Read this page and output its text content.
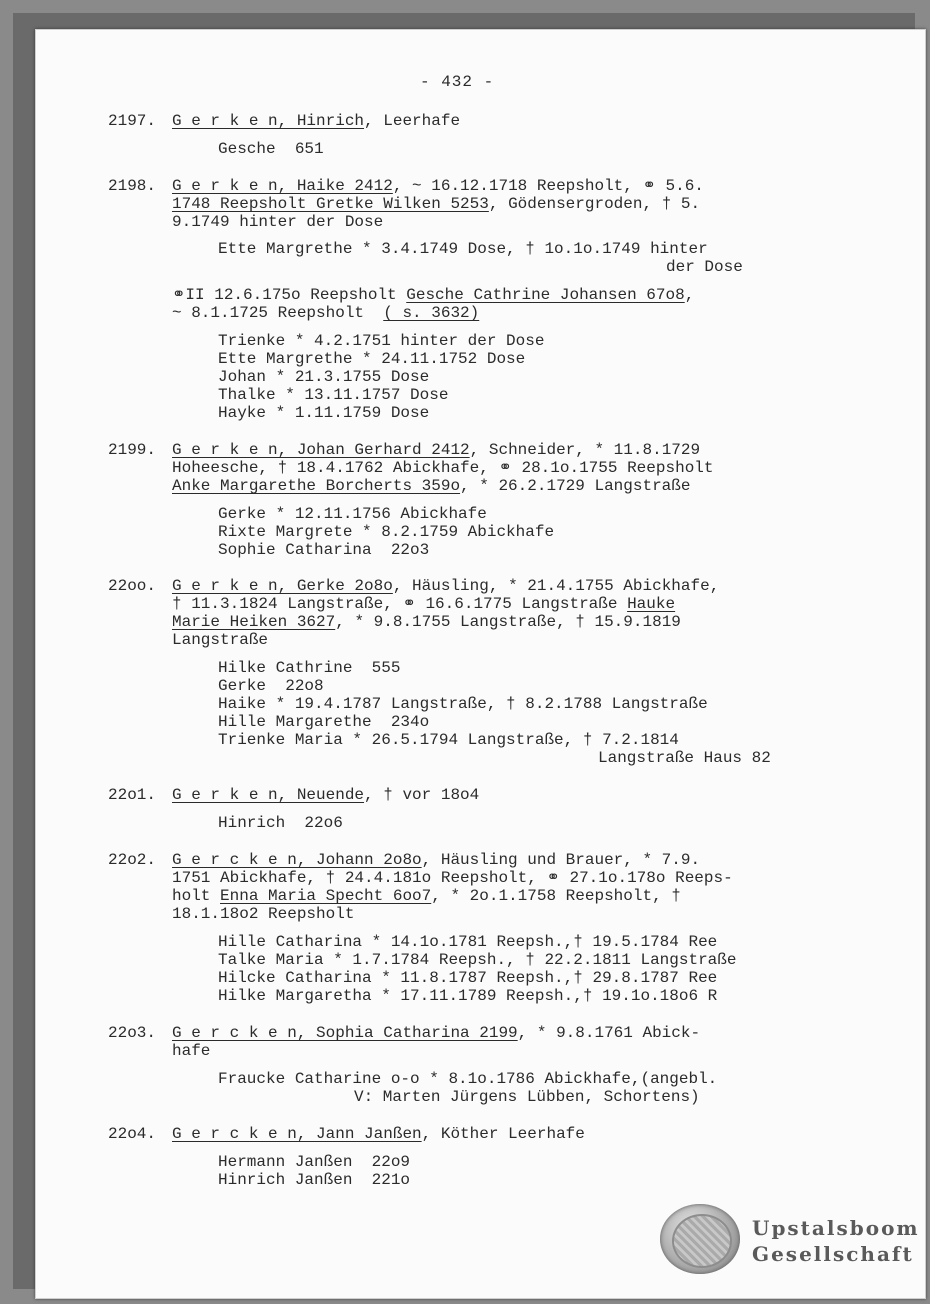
- 432 -
2197. G e r k e n, Hinrich, Leerhafe
Gesche  651
2198. G e r k e n, Haike 2412, ~ 16.12.1718 Reepsholt, ⚭ 5.6.
1748 Reepsholt Gretke Wilken 5253, Gödensergroden, † 5.
9.1749 hinter der Dose
Ette Margrethe * 3.4.1749 Dose, † 1o.1o.1749 hinter
der Dose
⚭II 12.6.175o Reepsholt Gesche Cathrine Johansen 67o8,
~ 8.1.1725 Reepsholt  ( s. 3632)
Trienke * 4.2.1751 hinter der Dose
Ette Margrethe * 24.11.1752 Dose
Johan * 21.3.1755 Dose
Thalke * 13.11.1757 Dose
Hayke * 1.11.1759 Dose
2199. G e r k e n, Johan Gerhard 2412, Schneider, * 11.8.1729
Hoheesche, † 18.4.1762 Abickhafe, ⚭ 28.1o.1755 Reepsholt
Anke Margarethe Borcherts 359o, * 26.2.1729 Langstraße
Gerke * 12.11.1756 Abickhafe
Rixte Margrete * 8.2.1759 Abickhafe
Sophie Catharina  22o3
22oo. G e r k e n, Gerke 2o8o, Häusling, * 21.4.1755 Abickhafe,
† 11.3.1824 Langstraße, ⚭ 16.6.1775 Langstraße Hauke
Marie Heiken 3627, * 9.8.1755 Langstraße, † 15.9.1819
Langstraße
Hilke Cathrine  555
Gerke  22o8
Haike * 19.4.1787 Langstraße, † 8.2.1788 Langstraße
Hille Margarethe  234o
Trienke Maria * 26.5.1794 Langstraße, † 7.2.1814
Langstraße Haus 82
22o1. G e r k e n, Neuende, † vor 18o4
Hinrich  22o6
22o2. G e r c k e n, Johann 2o8o, Häusling und Brauer, * 7.9.
1751 Abickhafe, † 24.4.181o Reepsholt, ⚭ 27.1o.178o Reeps-
holt Enna Maria Specht 6oo7, * 2o.1.1758 Reepsholt, †
18.1.18o2 Reepsholt
Hille Catharina * 14.1o.1781 Reepsh.,† 19.5.1784 Ree
Talke Maria * 1.7.1784 Reepsh., † 22.2.1811 Langstraße
Hilcke Catharina * 11.8.1787 Reepsh.,† 29.8.1787 Ree
Hilke Margaretha * 17.11.1789 Reepsh.,† 19.1o.18o6 R
22o3. G e r c k e n, Sophia Catharina 2199, * 9.8.1761 Abick-
hafe
Fraucke Catharine o-o * 8.1o.1786 Abickhafe,(angebl.
V: Marten Jürgens Lübben, Schortens)
22o4. G e r c k e n, Jann Janßen, Köther Leerhafe
Hermann Janßen  22o9
Hinrich Janßen  221o
Upstalsboom
Gesellschaft
